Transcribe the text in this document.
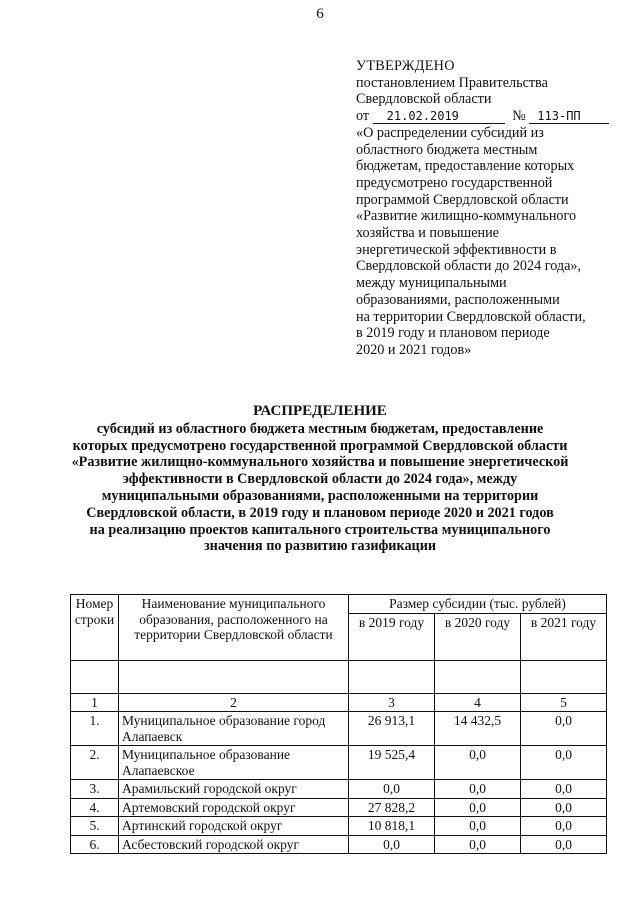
6
УТВЕРЖДЕНО
постановлением Правительства
Свердловской области
от 21.02.2019	№ 113-ПП
«О распределении субсидий из
областного бюджета местным
бюджетам, предоставление которых
предусмотрено государственной
программой Свердловской области
«Развитие жилищно-коммунального
хозяйства и повышение
энергетической эффективности в
Свердловской области до 2024 года»,
между муниципальными
образованиями, расположенными
на территории Свердловской области,
в 2019 году и плановом периоде
2020 и 2021 годов»
РАСПРЕДЕЛЕНИЕ
субсидий из областного бюджета местным бюджетам, предоставление
которых предусмотрено государственной программой Свердловской области
«Развитие жилищно-коммунального хозяйства и повышение энергетической
эффективности в Свердловской области до 2024 года», между
муниципальными образованиями, расположенными на территории
Свердловской области, в 2019 году и плановом периоде 2020 и 2021 годов
на реализацию проектов капитального строительства муниципального
значения по развитию газификации
Номер строки	Наименование муниципального образования, расположенного на территории Свердловской области	Размер субсидии (тыс. рублей)		
		в 2019 году	в 2020 году	в 2021 году

1	2	3	4	5
1.	Муниципальное образование город Алапаевск	26 913,1	14 432,5	0,0
2.	Муниципальное образование Алапаевское	19 525,4	0,0	0,0
3.	Арамильский городской округ	0,0	0,0	0,0
4.	Артемовский городской округ	27 828,2	0,0	0,0
5.	Артинский городской округ	10 818,1	0,0	0,0
6.	Асбестовский городской округ	0,0	0,0	0,0
